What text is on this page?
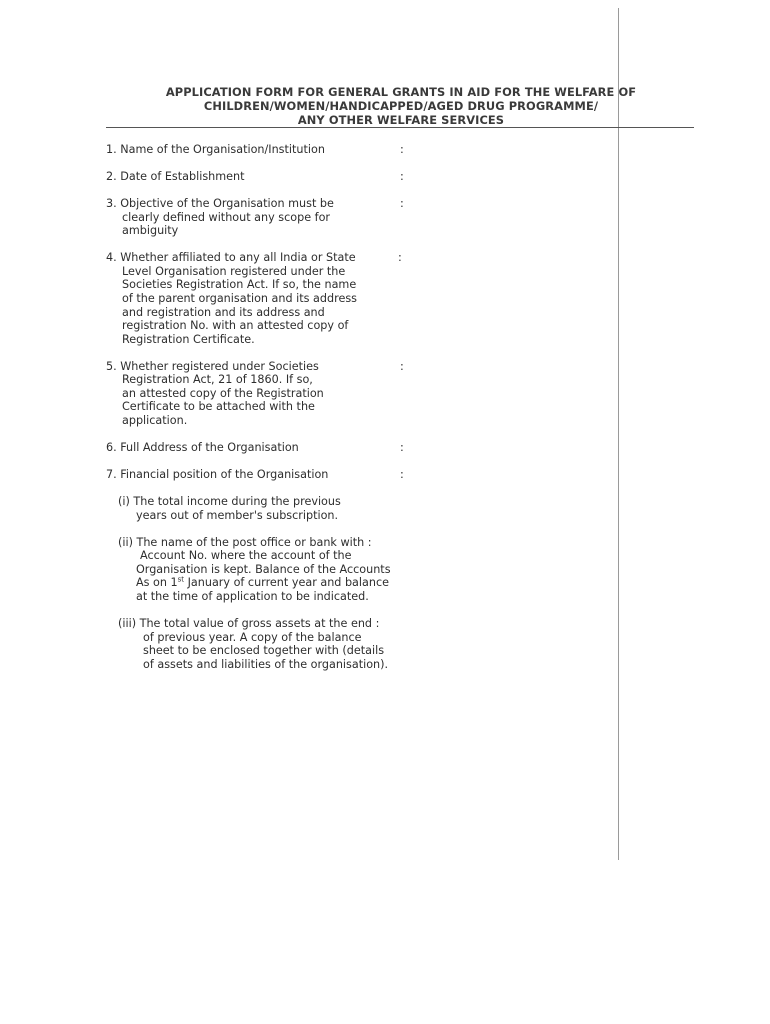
APPLICATION FORM FOR GENERAL GRANTS IN AID FOR THE WELFARE OF
CHILDREN/WOMEN/HANDICAPPED/AGED DRUG PROGRAMME/
ANY OTHER WELFARE SERVICES
1. Name of the Organisation/Institution	:
2. Date of Establishment	:
3. Objective of the Organisation must be
clearly defined without any scope for
ambiguity
:
4. Whether affiliated to any all India or State
Level Organisation registered under the
Societies Registration Act. If so, the name
of the parent organisation and its address
and registration and its address and
registration No. with an attested copy of
Registration Certificate.
:
5. Whether registered under Societies
Registration Act, 21 of 1860. If so,
an attested copy of the Registration
Certificate to be attached with the
application.
:
6. Full Address of the Organisation	:
7. Financial position of the Organisation	:
(i) The total income during the previous
years out of member's subscription.
(ii) The name of the post office or bank with :
Account No. where the account of the
Organisation is kept. Balance of the Accounts
As on 1st January of current year and balance
at the time of application to be indicated.
(iii) The total value of gross assets at the end :
of previous year. A copy of the balance
sheet to be enclosed together with (details
of assets and liabilities of the organisation).
